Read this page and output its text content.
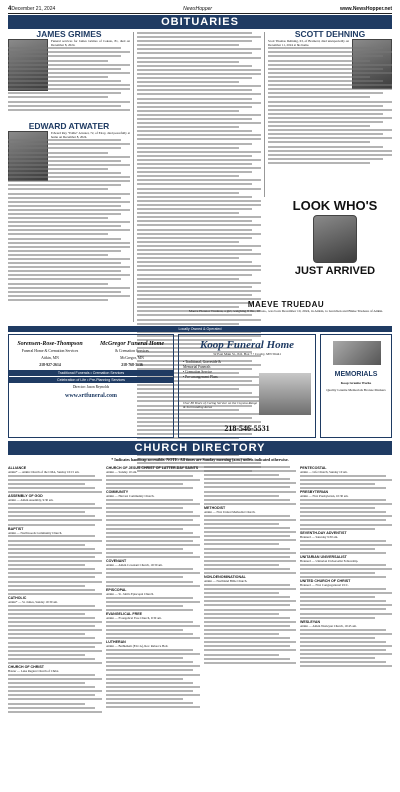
4 December 21, 2024	NewsHopper	www.NewsHopper.net
OBITUARIES
JAMES GRIMES
Funeral services for James Grimes of Cokato, 81, died on December 8, 2024.
EDWARD ATWATER
Edward Ray "Eddie" Atwater, 72, of Elroy, died peacefully at home on December 8, 2024.
SCOTT DEHNING
Scott Thomas Dehning, 63, of Brainerd, died unexpectedly on December 11, 2024 at his home.
LOOK WHO'S
JUST ARRIVED
MAEVE TRUEDAU
Maeve Eleanor Trudeau, a girl, weighing 8 lbs., 10 ozs., was born December 10, 2024, in Aitkin, to Gretchen and Blake Trudeau of Aitkin.
Locally Owned & Operated
Sorensen-Rose-Thompson
Funeral Home & Cremation Services
Aitkin, MN
218-927-2614
McGregor Funeral Home
& Cremation Services
McGregor, MN
218-768-3136
Traditional Funerals • Cremation Services
Celebration of Life • Pre-Planning Services
Director: Jason Reynolds
www.srtfuneral.com
Koop Funeral Home
32 East Main St., P.O. Box 7 • Crosby, MN 56441
• Traditional, Graveside &
Memorial Funerals
• Cremation Service
• Pre-arrangement Plans
Over 80 Years of Caring Service on the Cuyuna Range & Surrounding Areas
218-546-5531
MEMORIALS
Koop Granite Works
Quality Granite Memorials Bronze Markers
CHURCH DIRECTORY
* Indicates handicap accessible. NOTE: All times are Sunday morning (a.m.) unless indicated otherwise.
ALLIANCE
Aitkin* — Aitkin Church of the CMA, Sunday 10:15 am.
ASSEMBLY OF GOD
Aitkin — Aitkin Assembly, 9:30 am.
BAPTIST
Aitkin — Northwoods Community Church.
CATHOLIC
Aitkin* — St. James, Sunday 10:30 am.
CHURCH OF CHRIST
Baxter — Lake Region Church of Christ.
CHURCH OF JESUS CHRIST OF LATTER-DAY SAINTS
Aitkin — Sunday 10 am.
COMMUNITY
Aitkin — Harvest Community Church.
COVENANT
Aitkin — Aitkin Covenant Church, 10:30 am.
EPISCOPAL
Aitkin — St. John's Episcopal Church.
EVANGELICAL FREE
Aitkin — Evangelical Free Church, 9:30 am.
LUTHERAN
Aitkin — Bethlehem (ELCA), Rev. Rebecca Holt.
METHODIST
Aitkin — First United Methodist Church.
NON-DENOMINATIONAL
Aitkin — Northland Bible Church.
PENTECOSTAL
Aitkin — Life Church, Sunday 10 am.
PRESBYTERIAN
Aitkin — First Presbyterian, 10:30 am.
SEVENTH-DAY ADVENTIST
Brainerd — Saturday 9:30 am.
UNITARIAN UNIVERSALIST
Brainerd — Unitarian Universalist Fellowship.
UNITED CHURCH OF CHRIST
Brainerd — First Congregational UCC.
WESLEYAN
Aitkin — Aitkin Wesleyan Church, 10:45 am.
